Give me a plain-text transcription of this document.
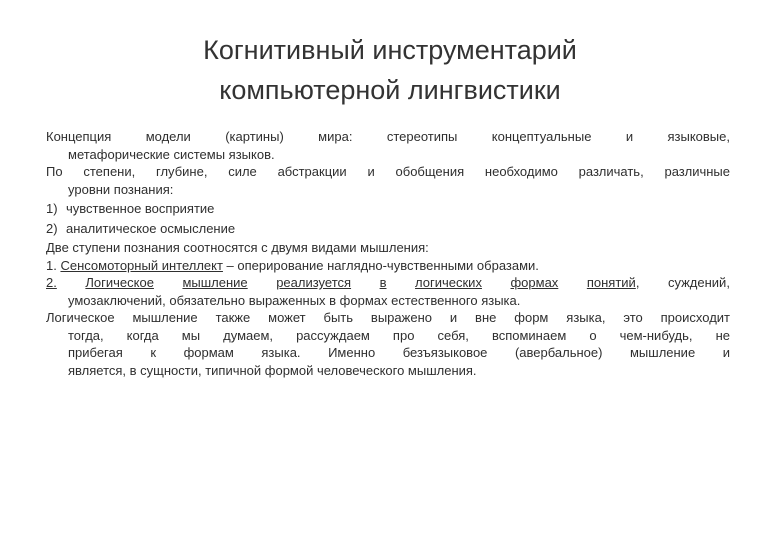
Когнитивный инструментарий
компьютерной лингвистики
Концепция модели (картины) мира: стереотипы концептуальные и языковые,
метафорические системы языков.
По степени, глубине, силе абстракции и обобщения необходимо различать, различные
уровни познания:
1) чувственное восприятие
2) аналитическое осмысление
Две ступени познания соотносятся с двумя видами мышления:
1. Сенсомоторный интеллект – оперирование наглядно-чувственными образами.
2. Логическое мышление реализуется в логических формах понятий, суждений,
умозаключений, обязательно выраженных в формах естественного языка.
Логическое мышление также может быть выражено и вне форм языка, это происходит
тогда, когда мы думаем, рассуждаем про себя, вспоминаем о чем-нибудь, не
прибегая к формам языка. Именно безъязыковое (авербальное) мышление и
является, в сущности, типичной формой человеческого мышления.
